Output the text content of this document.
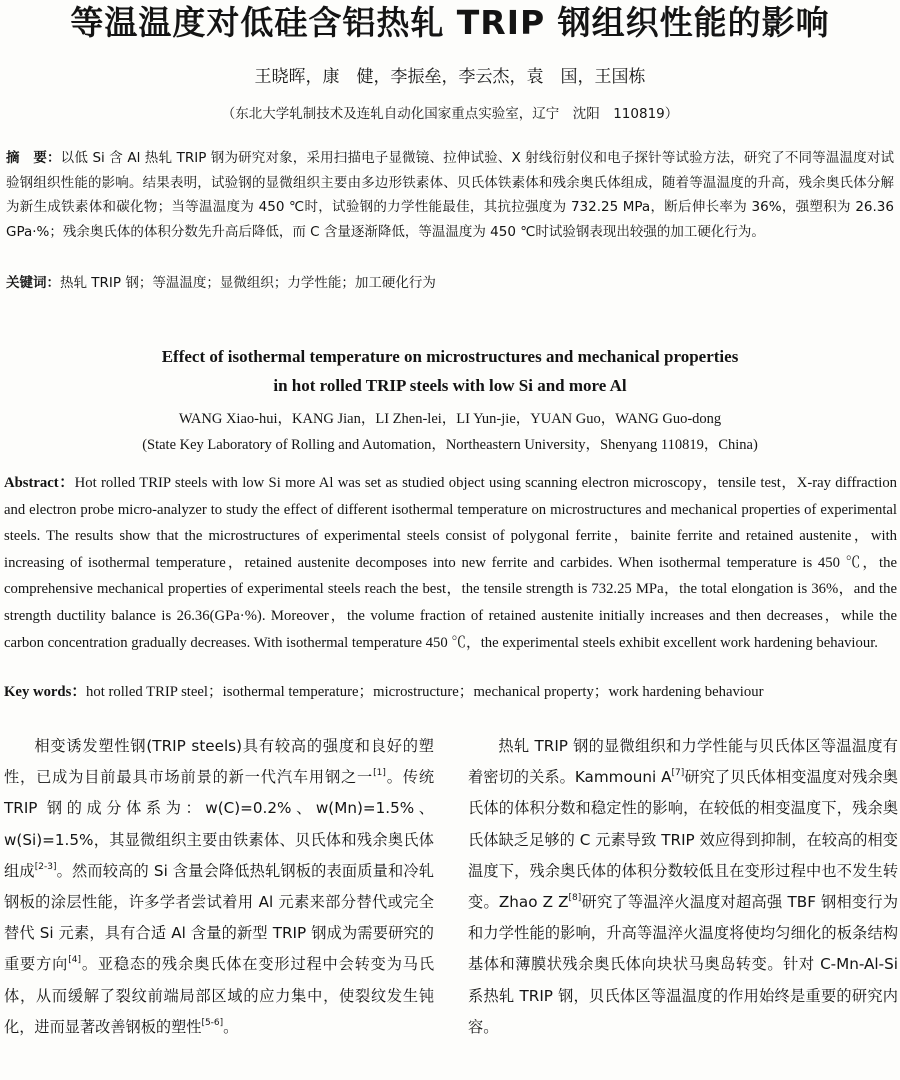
等温温度对低硅含铝热轧 TRIP 钢组织性能的影响
王晓晖，康　健，李振垒，李云杰，袁　国，王国栋
（东北大学轧制技术及连轧自动化国家重点实验室，辽宁　沈阳　110819）
摘　要：以低 Si 含 Al 热轧 TRIP 钢为研究对象，采用扫描电子显微镜、拉伸试验、X 射线衍射仪和电子探针等试验方法，研究了不同等温温度对试验钢组织性能的影响。结果表明，试验钢的显微组织主要由多边形铁素体、贝氏体铁素体和残余奥氏体组成，随着等温温度的升高，残余奥氏体分解为新生成铁素体和碳化物；当等温温度为 450 ℃时，试验钢的力学性能最佳，其抗拉强度为 732.25 MPa，断后伸长率为 36%，强塑积为 26.36 GPa·%；残余奥氏体的体积分数先升高后降低，而 C 含量逐渐降低，等温温度为 450 ℃时试验钢表现出较强的加工硬化行为。
关键词：热轧 TRIP 钢；等温温度；显微组织；力学性能；加工硬化行为
Effect of isothermal temperature on microstructures and mechanical properties
in hot rolled TRIP steels with low Si and more Al
WANG Xiao-hui，KANG Jian，LI Zhen-lei，LI Yun-jie，YUAN Guo，WANG Guo-dong
(State Key Laboratory of Rolling and Automation，Northeastern University，Shenyang 110819，China)
Abstract：Hot rolled TRIP steels with low Si more Al was set as studied object using scanning electron microscopy，tensile test，X-ray diffraction and electron probe micro-analyzer to study the effect of different isothermal temperature on microstructures and mechanical properties of experimental steels. The results show that the microstructures of experimental steels consist of polygonal ferrite，bainite ferrite and retained austenite，with increasing of isothermal temperature，retained austenite decomposes into new ferrite and carbides. When isothermal temperature is 450 ℃，the comprehensive mechanical properties of experimental steels reach the best，the tensile strength is 732.25 MPa，the total elongation is 36%，and the strength ductility balance is 26.36(GPa·%). Moreover，the volume fraction of retained austenite initially increases and then decreases，while the carbon concentration gradually decreases. With isothermal temperature 450 ℃，the experimental steels exhibit excellent work hardening behaviour.
Key words：hot rolled TRIP steel；isothermal temperature；microstructure；mechanical property；work hardening behaviour

相变诱发塑性钢(TRIP steels)具有较高的强度和良好的塑性，已成为目前最具市场前景的新一代汽车用钢之一[1]。传统 TRIP 钢的成分体系为：w(C)=0.2%、w(Mn)=1.5%、w(Si)=1.5%，其显微组织主要由铁素体、贝氏体和残余奥氏体组成[2-3]。然而较高的 Si 含量会降低热轧钢板的表面质量和冷轧钢板的涂层性能，许多学者尝试着用 Al 元素来部分替代或完全替代 Si 元素，具有合适 Al 含量的新型 TRIP 钢成为需要研究的重要方向[4]。亚稳态的残余奥氏体在变形过程中会转变为马氏体，从而缓解了裂纹前端局部区域的应力集中，使裂纹发生钝化，进而显著改善钢板的塑性[5-6]。

热轧 TRIP 钢的显微组织和力学性能与贝氏体区等温温度有着密切的关系。Kammouni A[7]研究了贝氏体相变温度对残余奥氏体的体积分数和稳定性的影响，在较低的相变温度下，残余奥氏体缺乏足够的 C 元素导致 TRIP 效应得到抑制，在较高的相变温度下，残余奥氏体的体积分数较低且在变形过程中也不发生转变。Zhao Z Z[8]研究了等温淬火温度对超高强 TBF 钢相变行为和力学性能的影响，升高等温淬火温度将使均匀细化的板条结构基体和薄膜状残余奥氏体向块状马奥岛转变。针对 C-Mn-Al-Si 系热轧 TRIP 钢，贝氏体区等温温度的作用始终是重要的研究内容。
